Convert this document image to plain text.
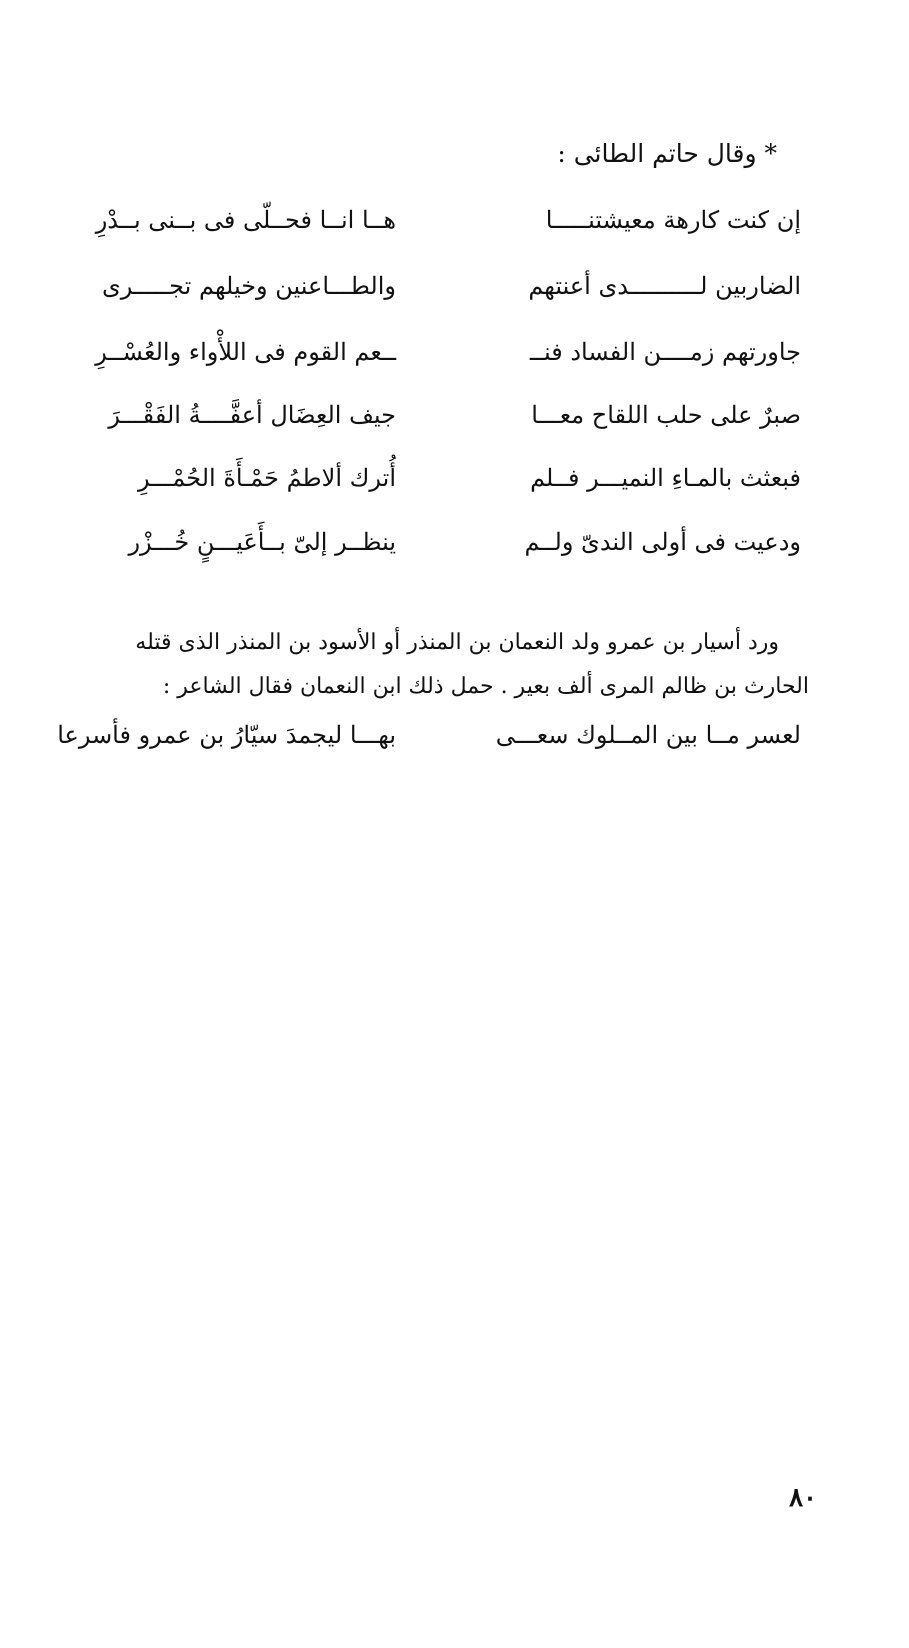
* وقال حاتم الطائى :
إن كنت كارهة معيشتنـــــا
هــا انــا فحــلّى فى بــنى بــدْرِ
الضاربين لــــــــــدى أعنتهم
والطـــاعنين وخيلهم تجـــــرى
جاورتهم زمــــن الفساد فنــ
ــعم القوم فى اللأْواء والعُسْــرِ
صبرٌ على حلب اللقاح معـــا
جيف العِضَال أعفَّــــةُ الفَقْـــرَ
فبعثث بالمـاءِ النميـــر فــلم
أُترك ألاطمُ حَمْـأَةَ الحُمْـــرِ
ودعيت فى أولى الندىّ ولــم
ينظــر إلىّ بــأَعَيـــنٍ خُـــزْر

ورد أسيار بن عمرو ولد النعمان بن المنذر أو الأسود بن المنذر الذى قتله

الحارث بن ظالم المرى ألف بعير . حمل ذلك ابن النعمان فقال الشاعر :

لعسر مــا بين المــلوك سعـــى
بهـــا ليجمدَ سيّارُ بن عمرو فأسرعا
٨٠
